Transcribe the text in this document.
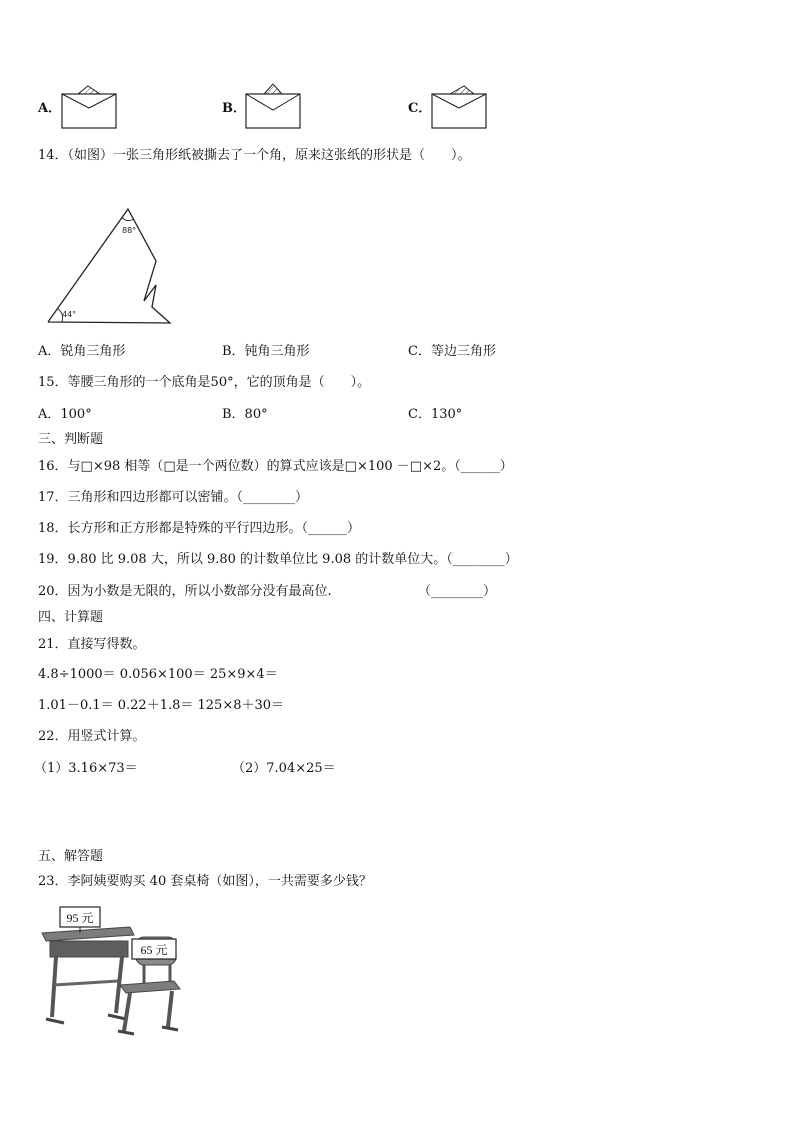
A．	B．	C．
14．（如图）一张三角形纸被撕去了一个角，原来这张纸的形状是（　　）。
88°
44°
A．锐角三角形	B．钝角三角形	C．等边三角形
15．等腰三角形的一个底角是50°，它的顶角是（　　）。
A．100°	B．80°	C．130°
三、判断题
16．与□×98 相等（□是一个两位数）的算式应该是□×100 －□×2。（______）
17．三角形和四边形都可以密铺。（________）
18．长方形和正方形都是特殊的平行四边形。（______）
19．9.80 比 9.08 大，所以 9.80 的计数单位比 9.08 的计数单位大。（________）
20．因为小数是无限的，所以小数部分没有最高位.	（________）
四、计算题
21．直接写得数。
4.8÷1000＝ 0.056×100＝ 25×9×4＝
1.01－0.1＝ 0.22＋1.8＝ 125×8＋30＝
22．用竖式计算。
（1）3.16×73＝	（2）7.04×25＝
五、解答题
23．李阿姨要购买 40 套桌椅（如图），一共需要多少钱？
95 元
65 元
